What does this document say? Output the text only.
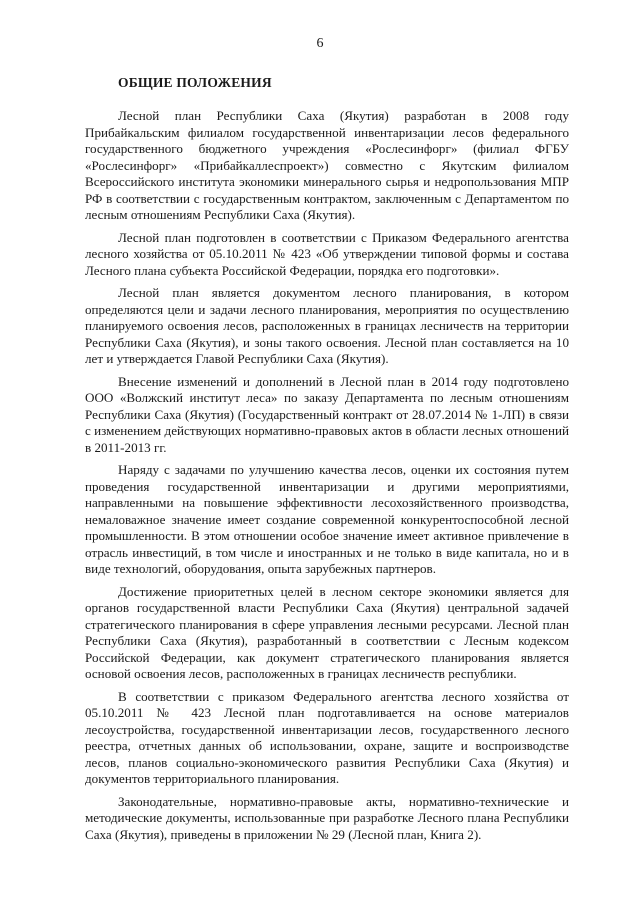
6
ОБЩИЕ ПОЛОЖЕНИЯ

Лесной план Республики Саха (Якутия) разработан в 2008 году Прибайкальским филиалом государственной инвентаризации лесов федерального государственного бюджетного учреждения «Рослесинфорг» (филиал ФГБУ «Рослесинфорг» «Прибайкаллеспроект») совместно с Якутским филиалом Всероссийского института экономики минерального сырья и недропользования МПР РФ в соответствии с государственным контрактом, заключенным с Департаментом по лесным отношениям Республики Саха (Якутия).

Лесной план подготовлен в соответствии с Приказом Федерального агентства лесного хозяйства от 05.10.2011 № 423 «Об утверждении типовой формы и состава Лесного плана субъекта Российской Федерации, порядка его подготовки».

Лесной план является документом лесного планирования, в котором определяются цели и задачи лесного планирования, мероприятия по осуществлению планируемого освоения лесов, расположенных в границах лесничеств на территории Республики Саха (Якутия), и зоны такого освоения. Лесной план составляется на 10 лет и утверждается Главой Республики Саха (Якутия).

Внесение изменений и дополнений в Лесной план в 2014 году подготовлено ООО «Волжский институт леса» по заказу Департамента по лесным отношениям Республики Саха (Якутия) (Государственный контракт от 28.07.2014 № 1-ЛП) в связи с изменением действующих нормативно-правовых актов в области лесных отношений в 2011-2013 гг.

Наряду с задачами по улучшению качества лесов, оценки их состояния путем проведения государственной инвентаризации и другими мероприятиями, направленными на повышение эффективности лесохозяйственного производства, немаловажное значение имеет создание современной конкурентоспособной лесной промышленности. В этом отношении особое значение имеет активное привлечение в отрасль инвестиций, в том числе и иностранных и не только в виде капитала, но и в виде технологий, оборудования, опыта зарубежных партнеров.

Достижение приоритетных целей в лесном секторе экономики является для органов государственной власти Республики Саха (Якутия) центральной задачей стратегического планирования в сфере управления лесными ресурсами. Лесной план Республики Саха (Якутия), разработанный в соответствии с Лесным кодексом Российской Федерации, как документ стратегического планирования является основой освоения лесов, расположенных в границах лесничеств республики.

В соответствии с приказом Федерального агентства лесного хозяйства от 05.10.2011 № 423 Лесной план подготавливается на основе материалов лесоустройства, государственной инвентаризации лесов, государственного лесного реестра, отчетных данных об использовании, охране, защите и воспроизводстве лесов, планов социально-экономического развития Республики Саха (Якутия) и документов территориального планирования.

Законодательные, нормативно-правовые акты, нормативно-технические и методические документы, использованные при разработке Лесного плана Республики Саха (Якутия), приведены в приложении № 29 (Лесной план, Книга 2).
